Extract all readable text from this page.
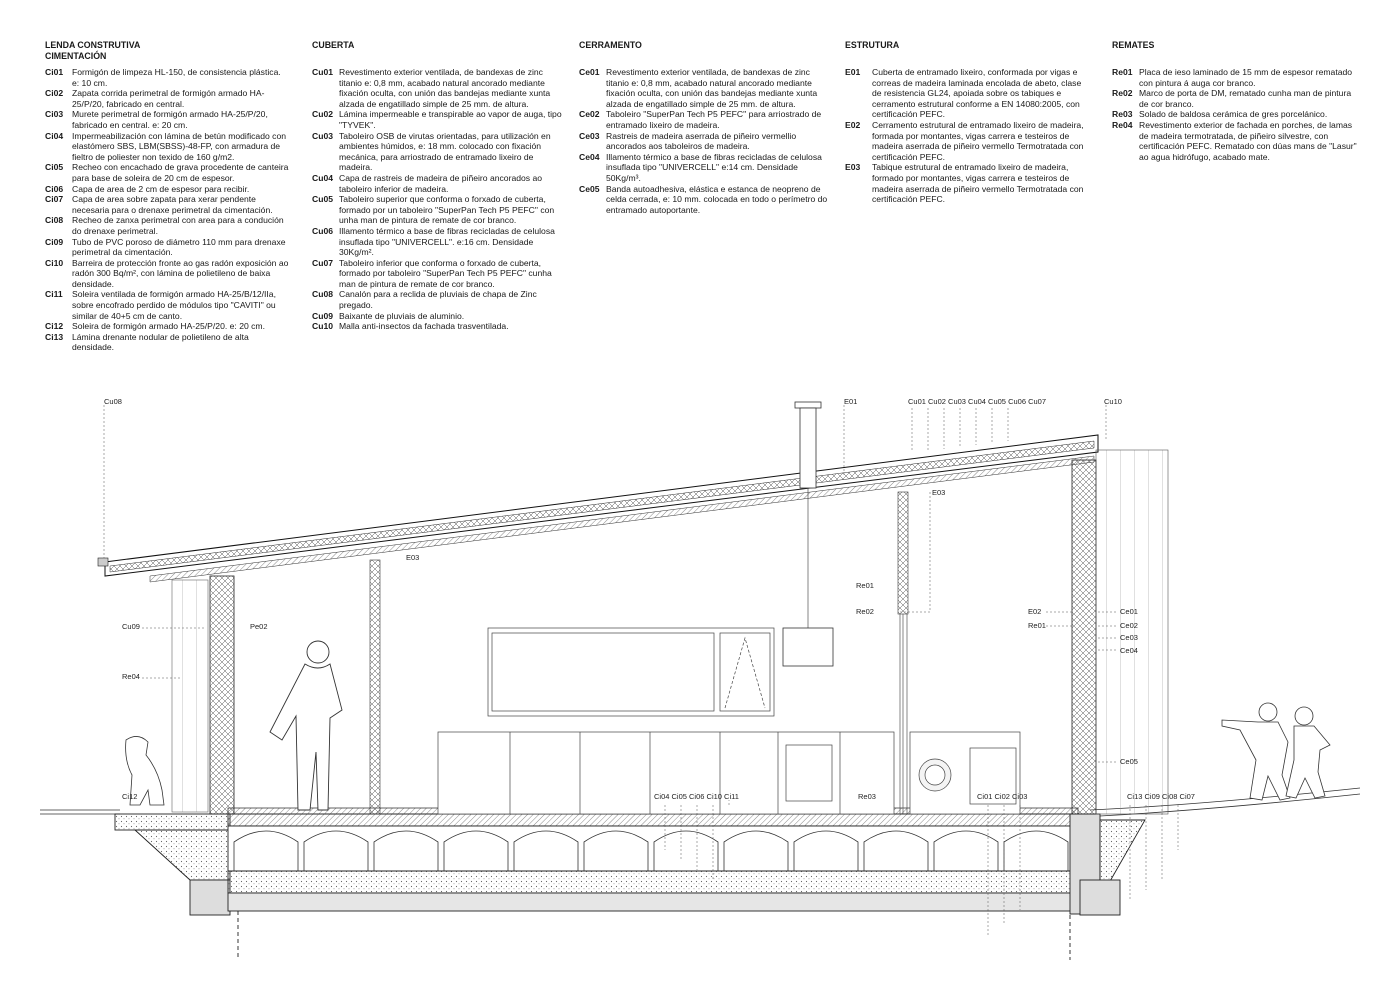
LENDA CONSTRUTIVA
CIMENTACIÓN
Ci01	Formigón de limpeza HL-150, de consistencia plástica. e: 10 cm.
Ci02	Zapata corrida perimetral de formigón armado HA-25/P/20, fabricado en central.
Ci03	Murete perimetral de formigón armado HA-25/P/20, fabricado en central. e: 20 cm.
Ci04	Impermeabilización con lámina de betún modificado con elastómero SBS, LBM(SBSS)-48-FP, con armadura de fieltro de poliester non texido de 160 g/m2.
Ci05	Recheo con encachado de grava procedente de canteira para base de soleira de 20 cm de espesor.
Ci06	Capa de area de 2 cm de espesor para recibir.
Ci07	Capa de area sobre zapata para xerar pendente necesaria para o drenaxe perimetral da cimentación.
Ci08	Recheo de zanxa perimetral con area para a condución do drenaxe perimetral.
Ci09	Tubo de PVC poroso de diámetro 110 mm para drenaxe perimetral da cimentación.
Ci10	Barreira de protección fronte ao gas radón exposición ao radón 300 Bq/m², con lámina de polietileno de baixa densidade.
Ci11	Soleira ventilada de formigón armado HA-25/B/12/IIa, sobre encofrado perdido de módulos tipo "CAVITI" ou similar de 40+5 cm de canto.
Ci12	Soleira de formigón armado HA-25/P/20. e: 20 cm.
Ci13	Lámina drenante nodular de polietileno de alta densidade.
CUBERTA
Cu01 Revestimento exterior ventilada, de bandexas de zinc titanio e: 0,8 mm, acabado natural ancorado mediante fixación oculta, con unión das bandejas mediante xunta alzada de engatillado simple de 25 mm. de altura.
Cu02 Lámina impermeable e transpirable ao vapor de auga, tipo "TYVEK".
Cu03 Taboleiro OSB de virutas orientadas, para utilización en ambientes húmidos, e: 18 mm. colocado con fixación mecánica, para arriostrado de entramado lixeiro de madeira.
Cu04 Capa de rastreis de madeira de piñeiro ancorados ao taboleiro inferior de madeira.
Cu05 Taboleiro superior que conforma o forxado de cuberta, formado por un taboleiro "SuperPan Tech P5 PEFC" con unha man de pintura de remate de cor branco.
Cu06 Illamento térmico a base de fibras recicladas de celulosa insuflada tipo "UNIVERCELL". e:16 cm. Densidade 30Kg/m².
Cu07 Taboleiro inferior que conforma o forxado de cuberta, formado por taboleiro "SuperPan Tech P5 PEFC" cunha man de pintura de remate de cor branco.
Cu08 Canalón para a reclida de pluviais de chapa de Zinc pregado.
Cu09 Baixante de pluviais de aluminio.
Cu10 Malla anti-insectos da fachada trasventilada.
CERRAMENTO
Ce01 Revestimento exterior ventilada, de bandexas de zinc titanio e: 0,8 mm, acabado natural ancorado mediante fixación oculta, con unión das bandejas mediante xunta alzada de engatillado simple de 25 mm. de altura.
Ce02 Taboleiro "SuperPan Tech P5 PEFC" para arriostrado de entramado lixeiro de madeira.
Ce03 Rastreis de madeira aserrada de piñeiro vermellio ancorados aos taboleiros de madeira.
Ce04 Illamento térmico a base de fibras recicladas de celulosa insuflada tipo "UNIVERCELL" e:14 cm. Densidade 50Kg/m³.
Ce05 Banda autoadhesiva, elástica e estanca de neopreno de celda cerrada, e: 10 mm. colocada en todo o perímetro do entramado autoportante.
ESTRUTURA
E01	Cuberta de entramado lixeiro, conformada por vigas e correas de madeira laminada encolada de abeto, clase de resistencia GL24, apoiada sobre os tabiques e cerramento estrutural conforme a EN 14080:2005, con certificación PEFC.
E02	Cerramento estrutural de entramado lixeiro de madeira, formada por montantes, vigas carrera e testeiros de madeira aserrada de piñeiro vermello Termotratada con certificación PEFC.
E03	Tabique estrutural de entramado lixeiro de madeira, formado por montantes, vigas carrera e testeiros de madeira aserrada de piñeiro vermello Termotratada con certificación PEFC.
REMATES
Re01 Placa de ieso laminado de 15 mm de espesor rematado con pintura á auga cor branco.
Re02 Marco de porta de DM, rematado cunha man de pintura de cor branco.
Re03 Solado de baldosa cerámica de gres porcelánico.
Re04 Revestimento exterior de fachada en porches, de lamas de madeira termotratada, de piñeiro silvestre, con certificación PEFC. Rematado con dúas mans de "Lasur" ao agua hidrófugo, acabado mate.
Cu08	E01	Cu01 Cu02 Cu03 Cu04 Cu05 Cu06 Cu07	Cu10
E03
E03
Cu09	Pe02
Re04
Re01
Re02	E02
Re01
Ce01
Ce02
Ce03
Ce04
Ce05
Ci12	Ci04 Ci05 Ci06 Ci10 Ci11	Re03	Ci01 Ci02 Ci03	Ci13 Ci09 Ci08 Ci07
